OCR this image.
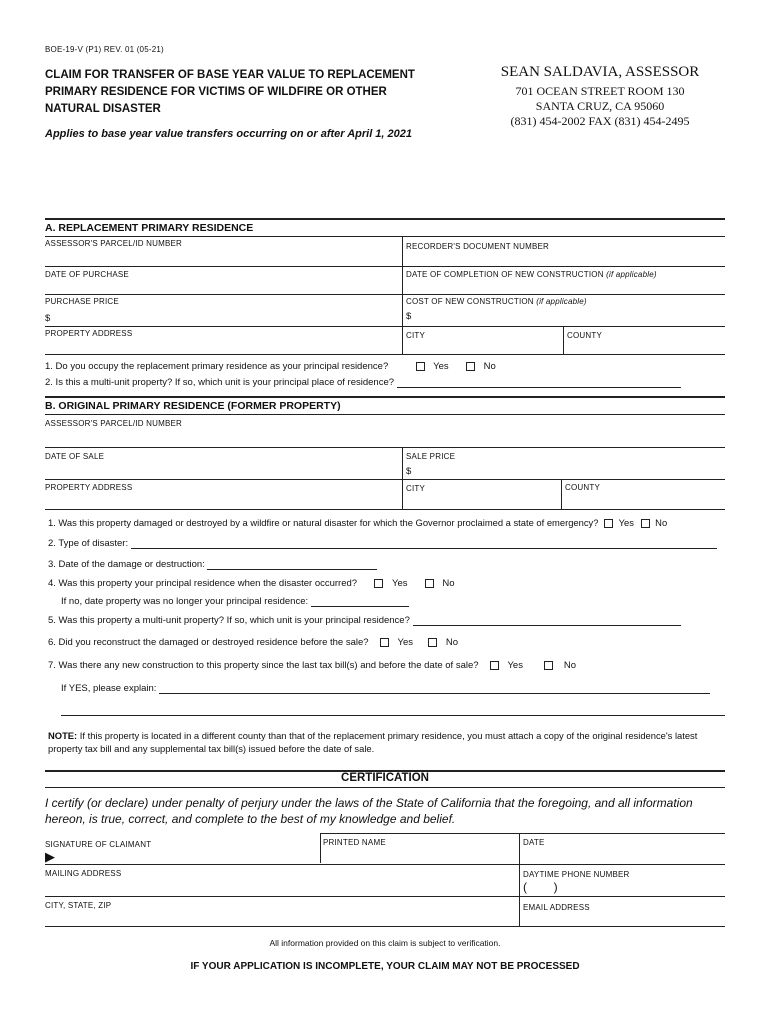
BOE-19-V (P1) REV. 01 (05-21)
CLAIM FOR TRANSFER OF BASE YEAR VALUE TO REPLACEMENT
PRIMARY RESIDENCE FOR VICTIMS OF WILDFIRE OR OTHER
NATURAL DISASTER
Applies to base year value transfers occurring on or after April 1, 2021
SEAN SALDAVIA, ASSESSOR
701 OCEAN STREET ROOM 130
SANTA CRUZ, CA 95060
(831) 454-2002 FAX (831) 454-2495
A. REPLACEMENT PRIMARY RESIDENCE
ASSESSOR'S PARCEL/ID NUMBER	RECORDER'S DOCUMENT NUMBER
DATE OF PURCHASE	DATE OF COMPLETION OF NEW CONSTRUCTION (if applicable)
PURCHASE PRICE	COST OF NEW CONSTRUCTION (if applicable)
$	$
PROPERTY ADDRESS	CITY	COUNTY
1. Do you occupy the replacement primary residence as your principal residence?	Yes	No
2. Is this a multi-unit property? If so, which unit is your principal place of residence?
B. ORIGINAL PRIMARY RESIDENCE (FORMER PROPERTY)
ASSESSOR'S PARCEL/ID NUMBER
DATE OF SALE	SALE PRICE
$
PROPERTY ADDRESS	CITY	COUNTY
1. Was this property damaged or destroyed by a wildfire or natural disaster for which the Governor proclaimed a state of emergency? Yes No
2. Type of disaster:
3. Date of the damage or destruction:
4. Was this property your principal residence when the disaster occurred?	Yes	No
If no, date property was no longer your principal residence:
5. Was this property a multi-unit property? If so, which unit is your principal residence?
6. Did you reconstruct the damaged or destroyed residence before the sale?	Yes	No
7. Was there any new construction to this property since the last tax bill(s) and before the date of sale?	Yes	No
If YES, please explain:
NOTE: If this property is located in a different county than that of the replacement primary residence, you must attach a copy of the original residence's latest property tax bill and any supplemental tax bill(s) issued before the date of sale.
CERTIFICATION
I certify (or declare) under penalty of perjury under the laws of the State of California that the foregoing, and all information hereon, is true, correct, and complete to the best of my knowledge and belief.
SIGNATURE OF CLAIMANT
▶
PRINTED NAME	DATE
MAILING ADDRESS	DAYTIME PHONE NUMBER
(        )
CITY, STATE, ZIP	EMAIL ADDRESS
All information provided on this claim is subject to verification.
IF YOUR APPLICATION IS INCOMPLETE, YOUR CLAIM MAY NOT BE PROCESSED
